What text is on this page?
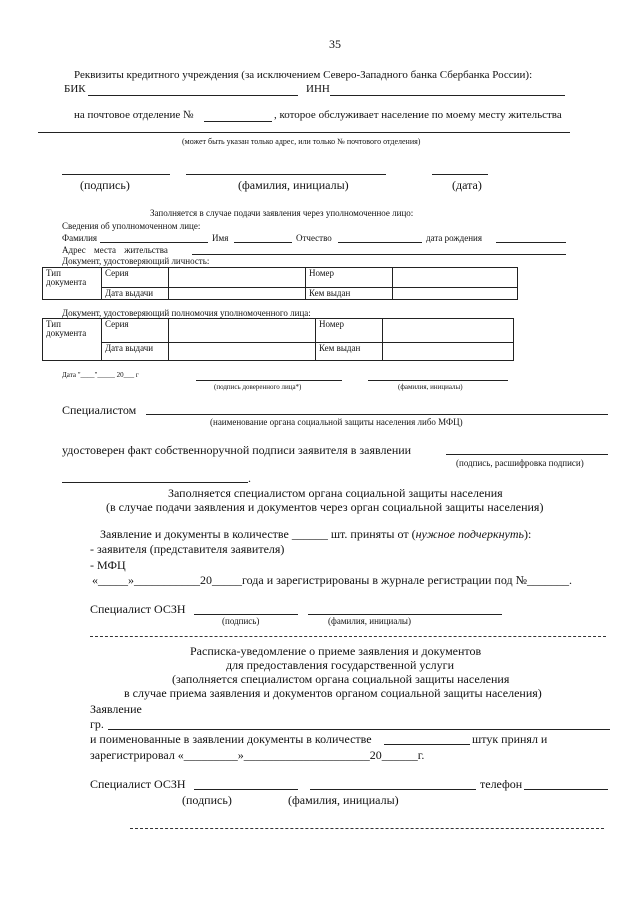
35
Реквизиты кредитного учреждения (за исключением Северо-Западного банка Сбербанка России):
БИК	ИНН
на почтовое отделение №	, которое обслуживает население по моему месту жительства
(может быть указан только адрес, или только № почтового отделения)
(подпись)	(фамилия, инициалы)	(дата)
Заполняется в случае подачи заявления через уполномоченное лицо:
Сведения об уполномоченном лице:
Фамилия	Имя	Отчество	дата рождения
Адрес места жительства
Документ, удостоверяющий личность:
Тип документа	Серия		Номер	
	Дата выдачи		Кем выдан	
Документ, удостоверяющий полномочия уполномоченного лица:
Тип документа	Серия		Номер	
	Дата выдачи		Кем выдан	
Дата "____"_____ 20___ г
(подпись доверенного лица*)	(фамилия, инициалы)
Специалистом
(наименование органа социальной защиты населения либо МФЦ)
удостоверен факт собственноручной подписи заявителя в заявлении
(подпись, расшифровка подписи)
.
Заполняется специалистом органа социальной защиты населения
(в случае подачи заявления и документов через орган социальной защиты населения)
Заявление и документы в количестве ______ шт. приняты от (нужное подчеркнуть):
- заявителя (представителя заявителя)
- МФЦ
«_____»___________20_____года и зарегистрированы в журнале регистрации под №_______.
Специалист ОСЗН
(подпись)	(фамилия, инициалы)
Расписка-уведомление о приеме заявления и документов
для предоставления государственной услуги
(заполняется специалистом органа социальной защиты населения
в случае приема заявления и документов органом социальной защиты населения)
Заявление
гр.
и поименованные в заявлении документы в количестве	штук принял и
зарегистрировал «_________»_____________________20______г.
Специалист ОСЗН	телефон
(подпись)	(фамилия, инициалы)
